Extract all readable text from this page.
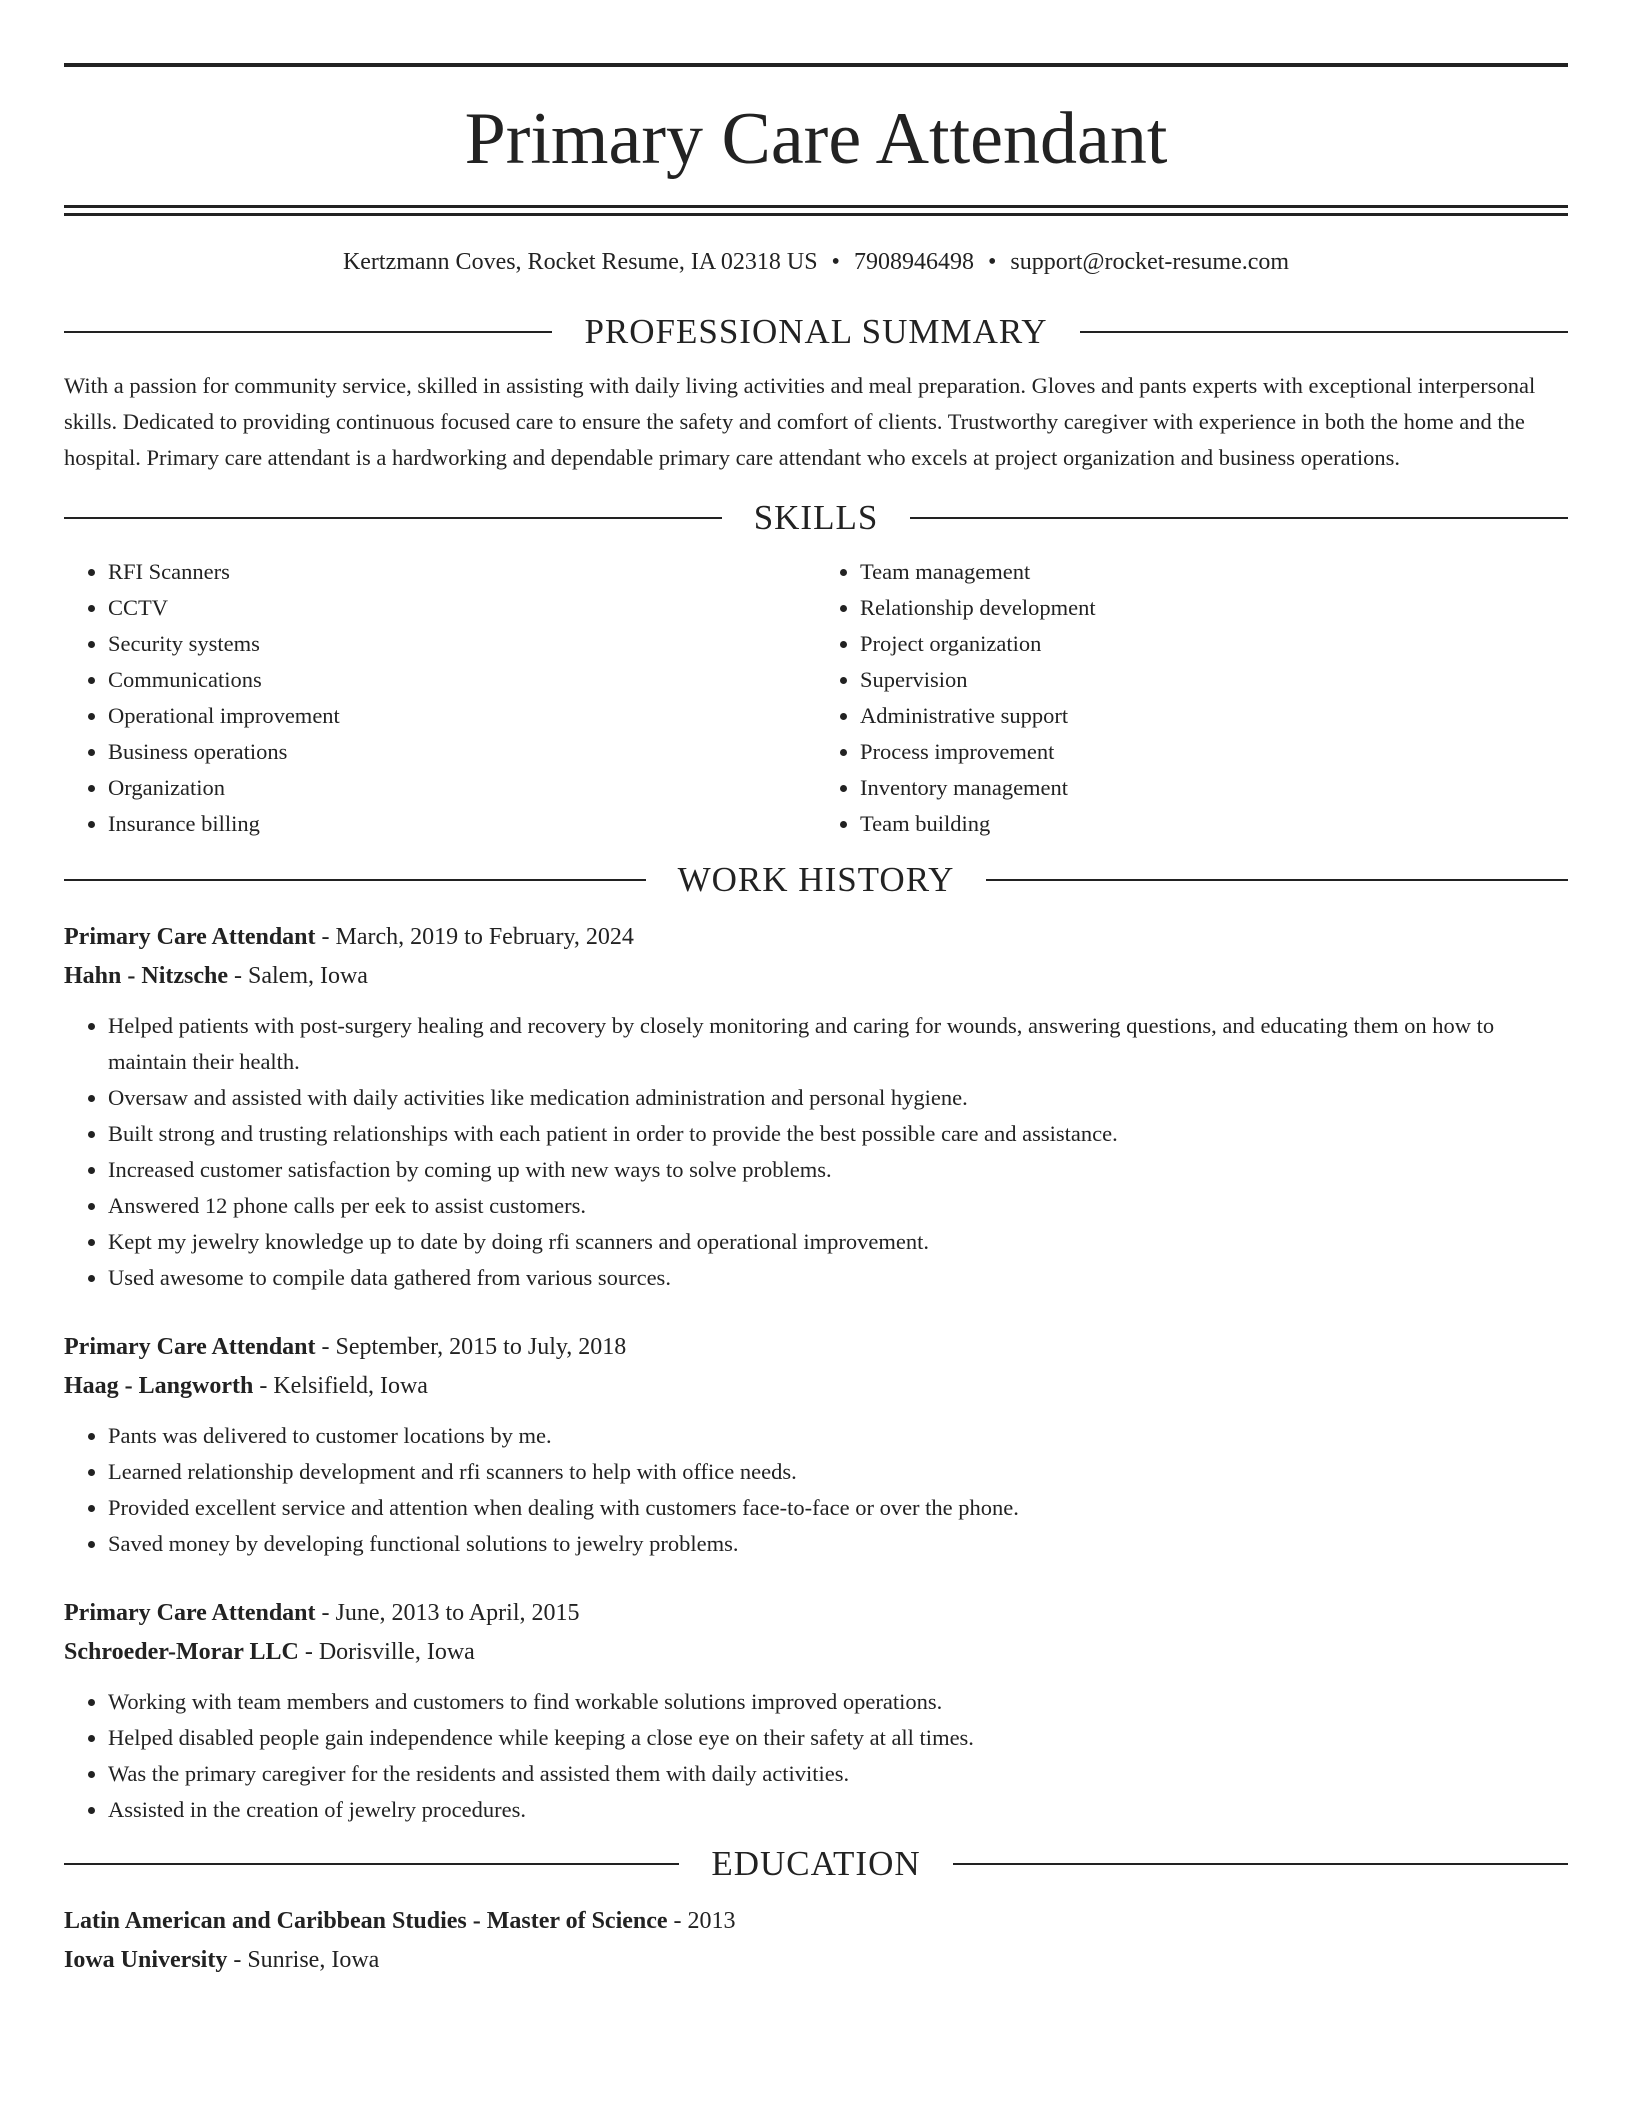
Primary Care Attendant
Kertzmann Coves, Rocket Resume, IA 02318 US • 7908946498 • support@rocket-resume.com
PROFESSIONAL SUMMARY
With a passion for community service, skilled in assisting with daily living activities and meal preparation. Gloves and pants experts with exceptional interpersonal skills. Dedicated to providing continuous focused care to ensure the safety and comfort of clients. Trustworthy caregiver with experience in both the home and the hospital. Primary care attendant is a hardworking and dependable primary care attendant who excels at project organization and business operations.
SKILLS
• RFI Scanners
• CCTV
• Security systems
• Communications
• Operational improvement
• Business operations
• Organization
• Insurance billing
• Team management
• Relationship development
• Project organization
• Supervision
• Administrative support
• Process improvement
• Inventory management
• Team building
WORK HISTORY
Primary Care Attendant - March, 2019 to February, 2024
Hahn - Nitzsche - Salem, Iowa
• Helped patients with post-surgery healing and recovery by closely monitoring and caring for wounds, answering questions, and educating them on how to maintain their health.
• Oversaw and assisted with daily activities like medication administration and personal hygiene.
• Built strong and trusting relationships with each patient in order to provide the best possible care and assistance.
• Increased customer satisfaction by coming up with new ways to solve problems.
• Answered 12 phone calls per eek to assist customers.
• Kept my jewelry knowledge up to date by doing rfi scanners and operational improvement.
• Used awesome to compile data gathered from various sources.
Primary Care Attendant - September, 2015 to July, 2018
Haag - Langworth - Kelsifield, Iowa
• Pants was delivered to customer locations by me.
• Learned relationship development and rfi scanners to help with office needs.
• Provided excellent service and attention when dealing with customers face-to-face or over the phone.
• Saved money by developing functional solutions to jewelry problems.
Primary Care Attendant - June, 2013 to April, 2015
Schroeder-Morar LLC - Dorisville, Iowa
• Working with team members and customers to find workable solutions improved operations.
• Helped disabled people gain independence while keeping a close eye on their safety at all times.
• Was the primary caregiver for the residents and assisted them with daily activities.
• Assisted in the creation of jewelry procedures.
EDUCATION
Latin American and Caribbean Studies - Master of Science - 2013
Iowa University - Sunrise, Iowa
